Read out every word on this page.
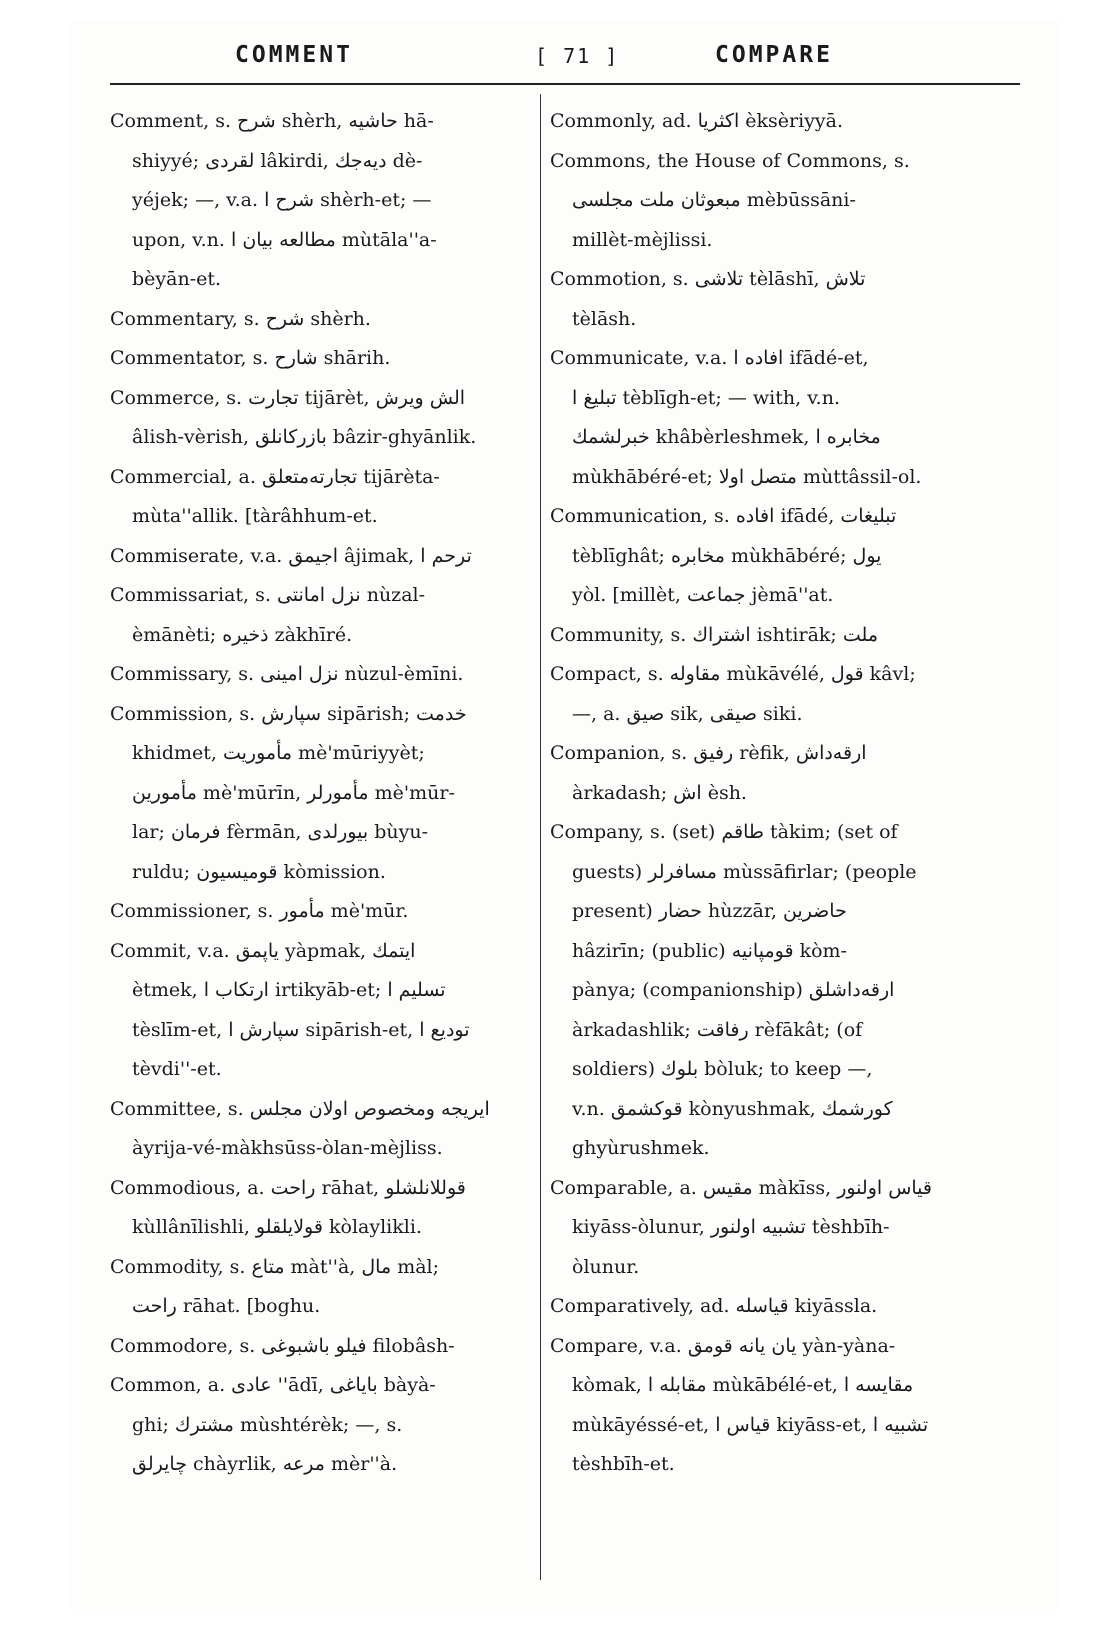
COMMENT	[ 71 ]	COMPARE
Comment, s. شرح shèrh, حاشیه hā-
shiyyé; لقردی lâkirdi, دیه‌جك dè-
yéjek; —, v.a. شرح ا shèrh-et; —
upon, v.n. مطالعه بیان ا mùtāla''a-
bèyān-et.
Commentary, s. شرح shèrh.
Commentator, s. شارح shārih.
Commerce, s. تجارت tijārèt, الش ویرش
âlish-vèrish, بازرکانلق bâzir-ghyānlik.
Commercial, a. تجارته‌متعلق tijārèta-
mùta''allik. [tàrâhhum-et.
Commiserate, v.a. اجیمق âjimak, ترحم ا
Commissariat, s. نزل امانتی nùzal-
èmānèti; ذخیره zàkhīré.
Commissary, s. نزل امینی nùzul-èmīni.
Commission, s. سپارش sipārish; خدمت
khidmet, مأموریت mè'mūriyyèt;
مأمورین mè'mūrīn, مأمورلر mè'mūr-
lar; فرمان fèrmān, بیورلدی bùyu-
ruldu; قومیسیون kòmission.
Commissioner, s. مأمور mè'mūr.
Commit, v.a. یاپمق yàpmak, ایتمك
ètmek, ارتكاب ا irtikyāb-et; تسلیم ا
tèslīm-et, سپارش ا sipārish-et, تودیع ا
tèvdi''-et.
Committee, s. ایریجه ومخصوص اولان مجلس
àyrija-vé-màkhsūss-òlan-mèjliss.
Commodious, a. راحت rāhat, قوللانلشلو
kùllânīlishli, قولایلقلو kòlaylikli.
Commodity, s. متاع màt''à, مال màl;
راحت rāhat. [boghu.
Commodore, s. فیلو باشبوغی filobâsh-
Common, a. عادی ''ādī, باياغی bàyà-
ghi; مشترك mùshtérèk; —, s.
چایرلق chàyrlik, مرعه mèr''à.
Commonly, ad. اكثریا èksèriyyā.
Commons, the House of Commons, s.
مبعوثان ملت مجلسی mèbūssāni-
millèt-mèjlissi.
Commotion, s. تلاشی tèlāshī, تلاش
tèlāsh.
Communicate, v.a. افاده ا ifādé-et,
تبلیغ ا tèblīgh-et; — with, v.n.
خبرلشمك khâbèrleshmek, مخابره ا
mùkhābéré-et; متصل اولا mùttâssil-ol.
Communication, s. افاده ifādé, تبلیغات
tèblīghât; مخابره mùkhābéré; یول
yòl. [millèt, جماعت jèmā''at.
Community, s. اشتراك ishtirāk; ملت
Compact, s. مقاوله mùkāvélé, قول kâvl;
—, a. صیق sik, صیقی siki.
Companion, s. رفیق rèfik, ارقه‌داش
àrkadash; اش èsh.
Company, s. (set) طاقم tàkim; (set of
guests) مسافرلر mùssāfirlar; (people
present) حضار hùzzār, حاضرین
hâzirīn; (public) قومپانیه kòm-
pànya; (companionship) ارقه‌داشلق
àrkadashlik; رفاقت rèfākât; (of
soldiers) بلوك bòluk; to keep —,
v.n. قوكشمق kònyushmak, كورشمك
ghyùrushmek.
Comparable, a. مقیس màkīss, قیاس اولنور
kiyāss-òlunur, تشبیه اولنور tèshbīh-
òlunur.
Comparatively, ad. قیاسله kiyāssla.
Compare, v.a. یان یانه قومق yàn-yàna-
kòmak, مقابله ا mùkābélé-et, مقایسه ا
mùkāyéssé-et, قیاس ا kiyāss-et, تشبیه ا
tèshbīh-et.
